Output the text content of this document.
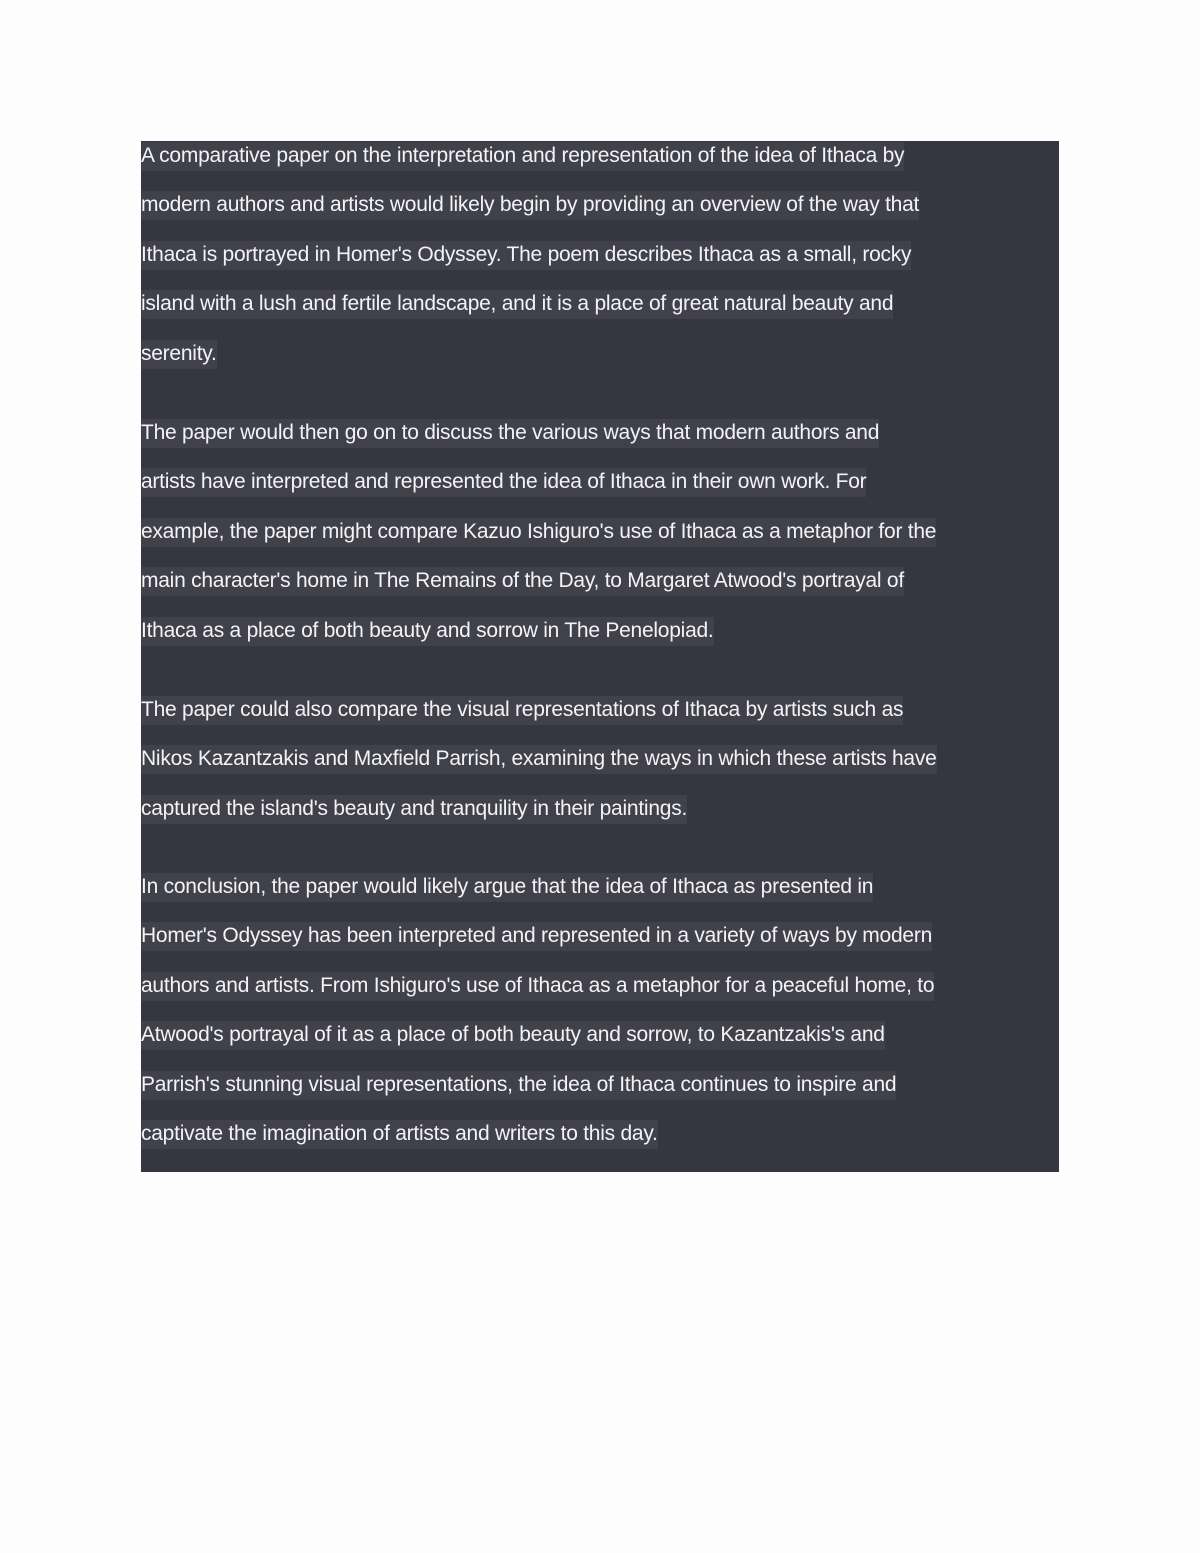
A comparative paper on the interpretation and representation of the idea of Ithaca by
modern authors and artists would likely begin by providing an overview of the way that
Ithaca is portrayed in Homer's Odyssey. The poem describes Ithaca as a small, rocky
island with a lush and fertile landscape, and it is a place of great natural beauty and
serenity.
The paper would then go on to discuss the various ways that modern authors and
artists have interpreted and represented the idea of Ithaca in their own work. For
example, the paper might compare Kazuo Ishiguro's use of Ithaca as a metaphor for the
main character's home in The Remains of the Day, to Margaret Atwood's portrayal of
Ithaca as a place of both beauty and sorrow in The Penelopiad.
The paper could also compare the visual representations of Ithaca by artists such as
Nikos Kazantzakis and Maxfield Parrish, examining the ways in which these artists have
captured the island's beauty and tranquility in their paintings.
In conclusion, the paper would likely argue that the idea of Ithaca as presented in
Homer's Odyssey has been interpreted and represented in a variety of ways by modern
authors and artists. From Ishiguro's use of Ithaca as a metaphor for a peaceful home, to
Atwood's portrayal of it as a place of both beauty and sorrow, to Kazantzakis's and
Parrish's stunning visual representations, the idea of Ithaca continues to inspire and
captivate the imagination of artists and writers to this day.
